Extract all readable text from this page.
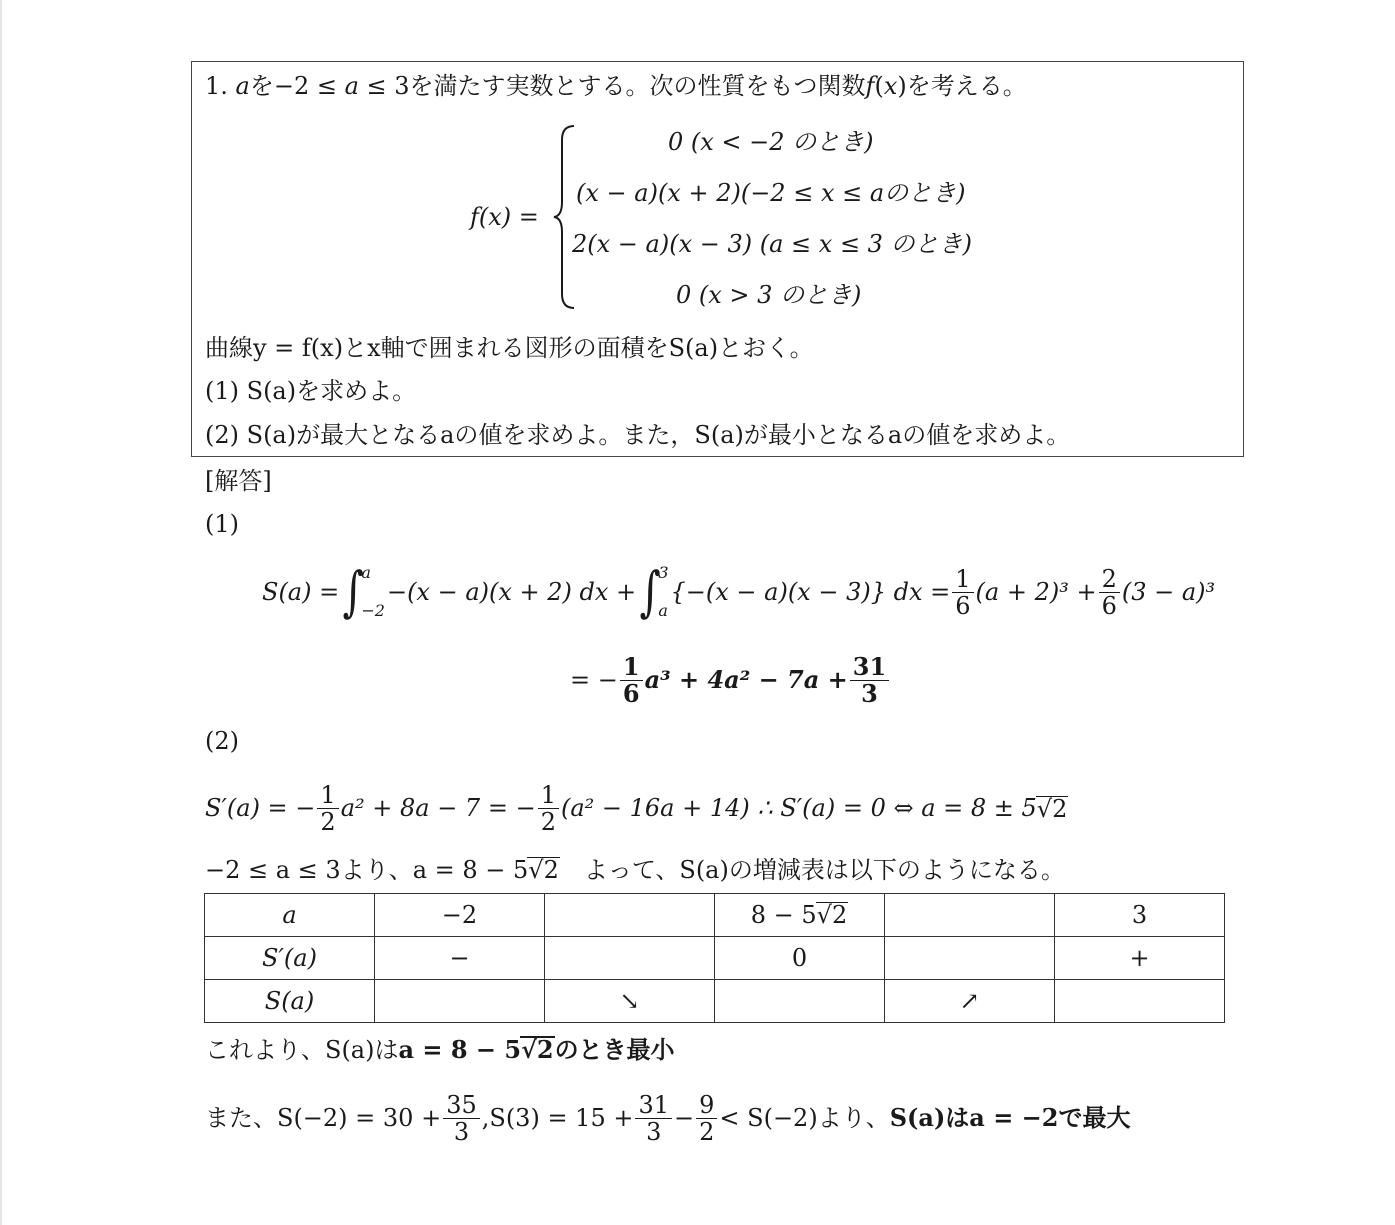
1. aを−2 ≤ a ≤ 3を満たす実数とする。次の性質をもつ関数f(x)を考える。
f(x) =
0 (x < −2 のとき)
(x − a)(x + 2)(−2 ≤ x ≤ aのとき)
2(x − a)(x − 3) (a ≤ x ≤ 3 のとき)
0 (x > 3 のとき)
曲線y = f(x)とx軸で囲まれる図形の面積をS(a)とおく。
(1) S(a)を求めよ。
(2) S(a)が最大となるaの値を求めよ。また，S(a)が最小となるaの値を求めよ。
[解答]
(1)
S(a) = ∫
a
−2
−(x − a)(x + 2) dx + ∫
3
a
{−(x − a)(x − 3)} dx = $\frac{1}{6} (a + 2)^3 + \frac{2}{6} (3 - a)^3$
= − $\frac{1}{6} a^3 + 4a^2 - 7a + \frac{31}{3}$
(2)
S′(a) = − $\frac{1}{2} a^2 + 8a - 7$ = − $\frac{1}{2} (a^2 - 16a + 14)$ ∴ S′(a) = 0 ⇔ a = 8 ± 5 √2
−2 ≤ a ≤ 3より、a = 8 − 5√2　よって、S(a)の増減表は以下のようになる。
a	−2		8 − 5√2		3
S′(a)	−		0		+
S(a)		↘		↗	
これより、S(a)はa = 8 − 5√2のとき最小
また、$S(-2) = 30 + \frac{35}{3} ,S(3) = 15 + \frac{31}{3} - \frac{9}{2} < S(-2)$より、 S(a)はa = −2で最大
